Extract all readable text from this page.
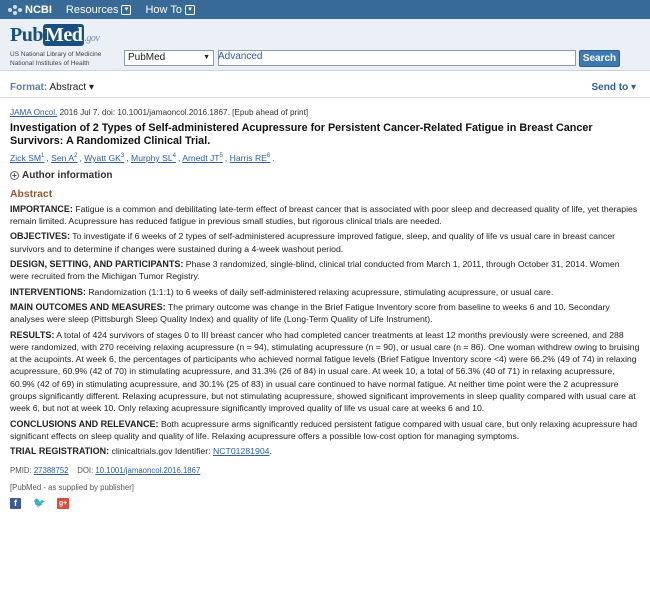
NCBI Resources ▾ How To ▾
Pub Med .gov
US National Library of Medicine
National Institutes of Health
PubMed	▼	Search
Advanced
Format: Abstract ▾	Send to ▾
JAMA Oncol. 2016 Jul 7. doi: 10.1001/jamaoncol.2016.1867. [Epub ahead of print]
Investigation of 2 Types of Self-administered Acupressure for Persistent Cancer-Related Fatigue in Breast Cancer Survivors: A Randomized Clinical Trial.
Zick $SM^1$ , Sen $A^2$ , Wyatt $GK^3$ , Murphy $SL^4$ , Arnedt $JT^5$ , Harris $RE^6$ .
+ Author information
Abstract
IMPORTANCE: Fatigue is a common and debilitating late-term effect of breast cancer that is associated with poor sleep and decreased quality of life, yet therapies remain limited. Acupressure has reduced fatigue in previous small studies, but rigorous clinical trials are needed.
OBJECTIVES: To investigate if 6 weeks of 2 types of self-administered acupressure improved fatigue, sleep, and quality of life vs usual care in breast cancer survivors and to determine if changes were sustained during a 4-week washout period.
DESIGN, SETTING, AND PARTICIPANTS: Phase 3 randomized, single-blind, clinical trial conducted from March 1, 2011, through October 31, 2014. Women were recruited from the Michigan Tumor Registry.
INTERVENTIONS: Randomization (1:1:1) to 6 weeks of daily self-administered relaxing acupressure, stimulating acupressure, or usual care.
MAIN OUTCOMES AND MEASURES: The primary outcome was change in the Brief Fatigue Inventory score from baseline to weeks 6 and 10. Secondary analyses were sleep (Pittsburgh Sleep Quality Index) and quality of life (Long-Term Quality of Life Instrument).
RESULTS: A total of 424 survivors of stages 0 to III breast cancer who had completed cancer treatments at least 12 months previously were screened, and 288 were randomized, with 270 receiving relaxing acupressure (n = 94), stimulating acupressure (n = 90), or usual care (n = 86). One woman withdrew owing to bruising at the acupoints. At week 6, the percentages of participants who achieved normal fatigue levels (Brief Fatigue Inventory score <4) were 66.2% (49 of 74) in relaxing acupressure, 60.9% (42 of 70) in stimulating acupressure, and 31.3% (26 of 84) in usual care. At week 10, a total of 56.3% (40 of 71) in relaxing acupressure, 60.9% (42 of 69) in stimulating acupressure, and 30.1% (25 of 83) in usual care continued to have normal fatigue. At neither time point were the 2 acupressure groups significantly different. Relaxing acupressure, but not stimulating acupressure, showed significant improvements in sleep quality compared with usual care at week 6, but not at week 10. Only relaxing acupressure significantly improved quality of life vs usual care at weeks 6 and 10.
CONCLUSIONS AND RELEVANCE: Both acupressure arms significantly reduced persistent fatigue compared with usual care, but only relaxing acupressure had significant effects on sleep quality and quality of life. Relaxing acupressure offers a possible low-cost option for managing symptoms.
TRIAL REGISTRATION: clinicaltrials.gov Identifier: NCT01281904.
PMID: 27388752 DOI: 10.1001/jamaoncol.2016.1867
[PubMed - as supplied by publisher]
f	🐦 g+
